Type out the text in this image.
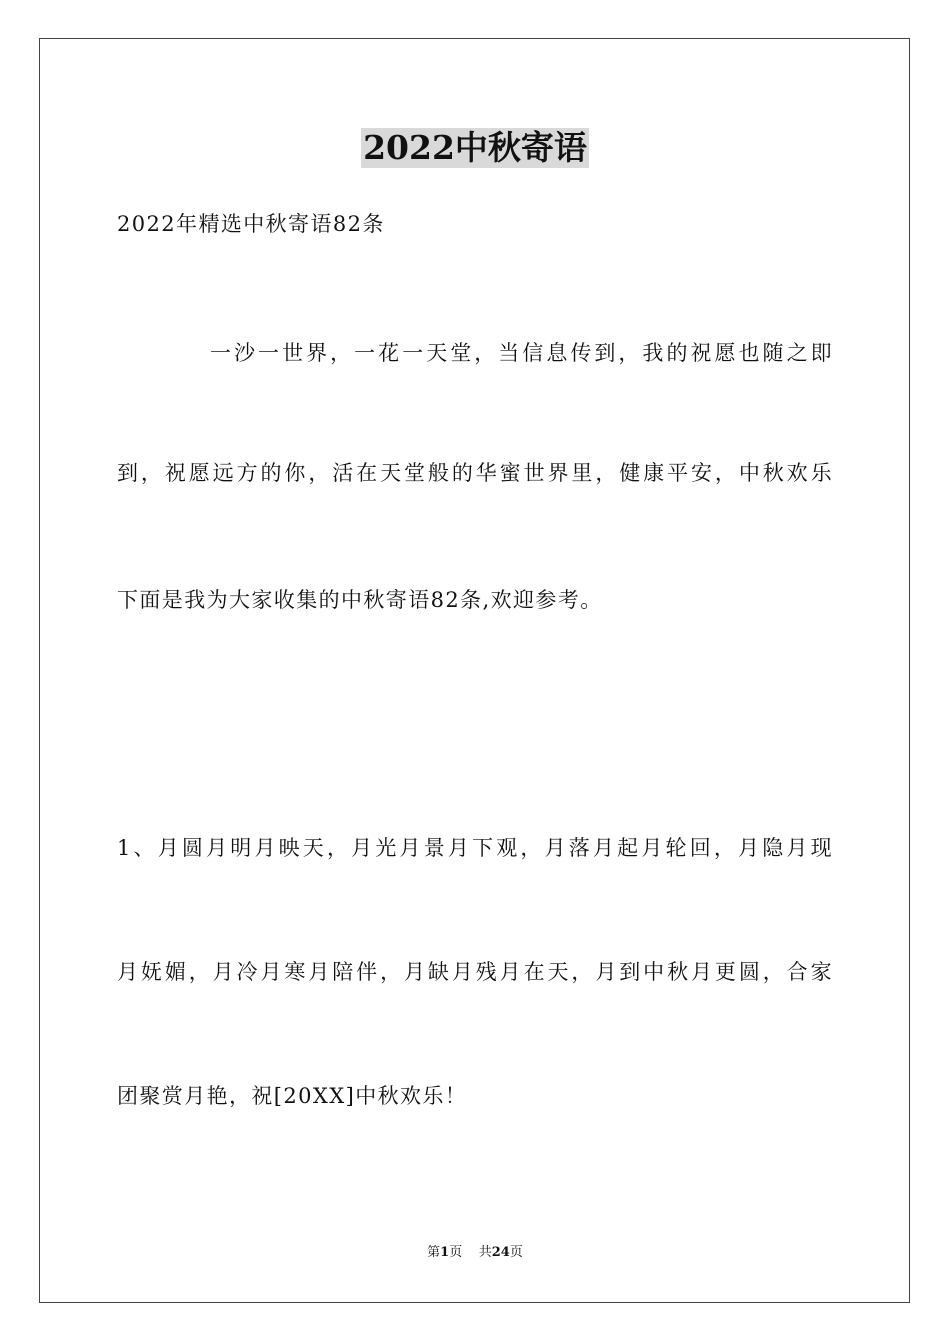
2022中秋寄语
2022年精选中秋寄语82条
一沙一世界，一花一天堂，当信息传到，我的祝愿也随之即
到，祝愿远方的你，活在天堂般的华蜜世界里，健康平安，中秋欢乐
下面是我为大家收集的中秋寄语82条,欢迎参考。
1、月圆月明月映天，月光月景月下观，月落月起月轮回，月隐月现
月妩媚，月冷月寒月陪伴，月缺月残月在天，月到中秋月更圆，合家
团聚赏月艳，祝[20XX]中秋欢乐！
第1页    共24页
